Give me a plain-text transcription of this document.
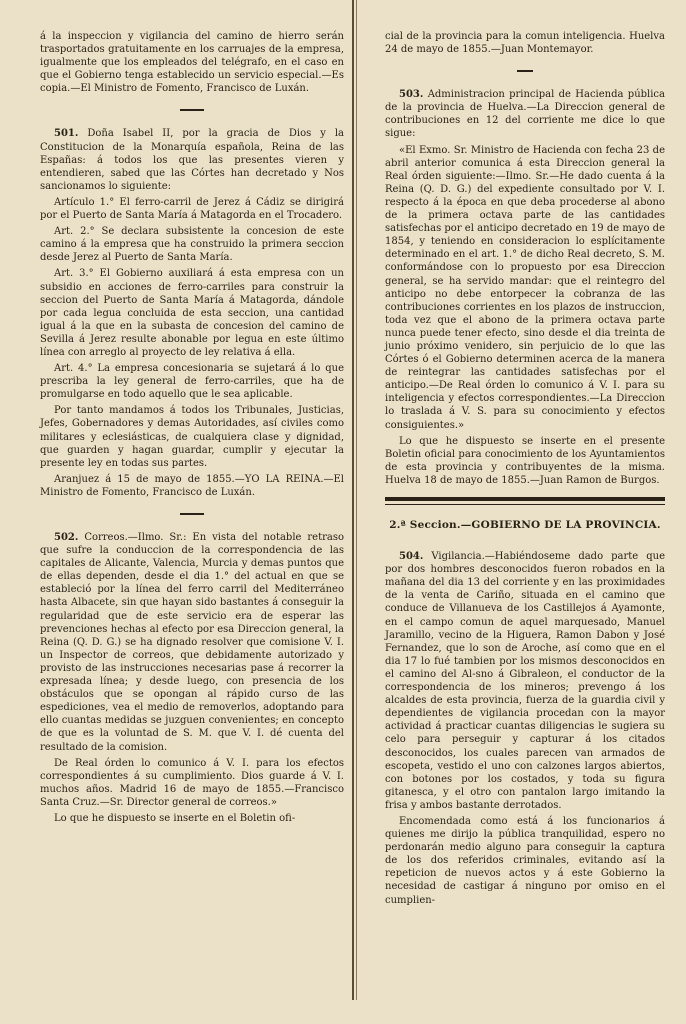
á la inspeccion y vigilancia del camino de hierro serán trasportados gratuitamente en los carruajes de la empresa, igualmente que los empleados del telégrafo, en el caso en que el Gobierno tenga establecido un servicio especial.—Es copia.—El Ministro de Fomento, Francisco de Luxán.

501. Doña Isabel II, por la gracia de Dios y la Constitucion de la Monarquía española, Reina de las Españas: á todos los que las presentes vieren y entendieren, sabed que las Córtes han decretado y Nos sancionamos lo siguiente:

Artículo 1.° El ferro-carril de Jerez á Cádiz se dirigirá por el Puerto de Santa María á Matagorda en el Trocadero.

Art. 2.° Se declara subsistente la concesion de este camino á la empresa que ha construido la primera seccion desde Jerez al Puerto de Santa María.

Art. 3.° El Gobierno auxiliará á esta empresa con un subsidio en acciones de ferro-carriles para construir la seccion del Puerto de Santa María á Matagorda, dándole por cada legua concluida de esta seccion, una cantidad igual á la que en la subasta de concesion del camino de Sevilla á Jerez resulte abonable por legua en este último línea con arreglo al proyecto de ley relativa á ella.

Art. 4.° La empresa concesionaria se sujetará á lo que prescriba la ley general de ferro-carriles, que ha de promulgarse en todo aquello que le sea aplicable.

Por tanto mandamos á todos los Tribunales, Justicias, Jefes, Gobernadores y demas Autoridades, así civiles como militares y eclesiásticas, de cualquiera clase y dignidad, que guarden y hagan guardar, cumplir y ejecutar la presente ley en todas sus partes.

Aranjuez á 15 de mayo de 1855.—YO LA REINA.—El Ministro de Fomento, Francisco de Luxán.

502. Correos.—Ilmo. Sr.: En vista del notable retraso que sufre la conduccion de la correspondencia de las capitales de Alicante, Valencia, Murcia y demas puntos que de ellas dependen, desde el dia 1.° del actual en que se estableció por la línea del ferro carril del Mediterráneo hasta Albacete, sin que hayan sido bastantes á conseguir la regularidad que de este servicio era de esperar las prevenciones hechas al efecto por esa Direccion general, la Reina (Q. D. G.) se ha dignado resolver que comisione V. I. un Inspector de correos, que debidamente autorizado y provisto de las instrucciones necesarias pase á recorrer la expresada línea; y desde luego, con presencia de los obstáculos que se opongan al rápido curso de las espediciones, vea el medio de removerlos, adoptando para ello cuantas medidas se juzguen convenientes; en concepto de que es la voluntad de S. M. que V. I. dé cuenta del resultado de la comision.

De Real órden lo comunico á V. I. para los efectos correspondientes á su cumplimiento. Dios guarde á V. I. muchos años. Madrid 16 de mayo de 1855.—Francisco Santa Cruz.—Sr. Director general de correos.»

Lo que he dispuesto se inserte en el Boletin ofi-

cial de la provincia para la comun inteligencia. Huelva 24 de mayo de 1855.—Juan Montemayor.

503. Administracion principal de Hacienda pública de la provincia de Huelva.—La Direccion general de contribuciones en 12 del corriente me dice lo que sigue:

«El Exmo. Sr. Ministro de Hacienda con fecha 23 de abril anterior comunica á esta Direccion general la Real órden siguiente:—Ilmo. Sr.—He dado cuenta á la Reina (Q. D. G.) del expediente consultado por V. I. respecto á la época en que deba procederse al abono de la primera octava parte de las cantidades satisfechas por el anticipo decretado en 19 de mayo de 1854, y teniendo en consideracion lo esplícitamente determinado en el art. 1.° de dicho Real decreto, S. M. conformándose con lo propuesto por esa Direccion general, se ha servido mandar: que el reintegro del anticipo no debe entorpecer la cobranza de las contribuciones corrientes en los plazos de instruccion, toda vez que el abono de la primera octava parte nunca puede tener efecto, sino desde el dia treinta de junio próximo venidero, sin perjuicio de lo que las Córtes ó el Gobierno determinen acerca de la manera de reintegrar las cantidades satisfechas por el anticipo.—De Real órden lo comunico á V. I. para su inteligencia y efectos correspondientes.—La Direccion lo traslada á V. S. para su conocimiento y efectos consiguientes.»

Lo que he dispuesto se inserte en el presente Boletin oficial para conocimiento de los Ayuntamientos de esta provincia y contribuyentes de la misma. Huelva 18 de mayo de 1855.—Juan Ramon de Burgos.

2.ª Seccion.—GOBIERNO DE LA PROVINCIA.

504. Vigilancia.—Habiéndoseme dado parte que por dos hombres desconocidos fueron robados en la mañana del dia 13 del corriente y en las proximidades de la venta de Cariño, situada en el camino que conduce de Villanueva de los Castillejos á Ayamonte, en el campo comun de aquel marquesado, Manuel Jaramillo, vecino de la Higuera, Ramon Dabon y José Fernandez, que lo son de Aroche, así como que en el dia 17 lo fué tambien por los mismos desconocidos en el camino del Al-sno á Gibraleon, el conductor de la correspondencia de los mineros; prevengo á los alcaldes de esta provincia, fuerza de la guardia civil y dependientes de vigilancia procedan con la mayor actividad á practicar cuantas diligencias le sugiera su celo para perseguir y capturar á los citados desconocidos, los cuales parecen van armados de escopeta, vestido el uno con calzones largos abiertos, con botones por los costados, y toda su figura gitanesca, y el otro con pantalon largo imitando la frisa y ambos bastante derrotados.

Encomendada como está á los funcionarios á quienes me dirijo la pública tranquilidad, espero no perdonarán medio alguno para conseguir la captura de los dos referidos criminales, evitando así la repeticion de nuevos actos y á este Gobierno la necesidad de castigar á ninguno por omiso en el cumplien-
